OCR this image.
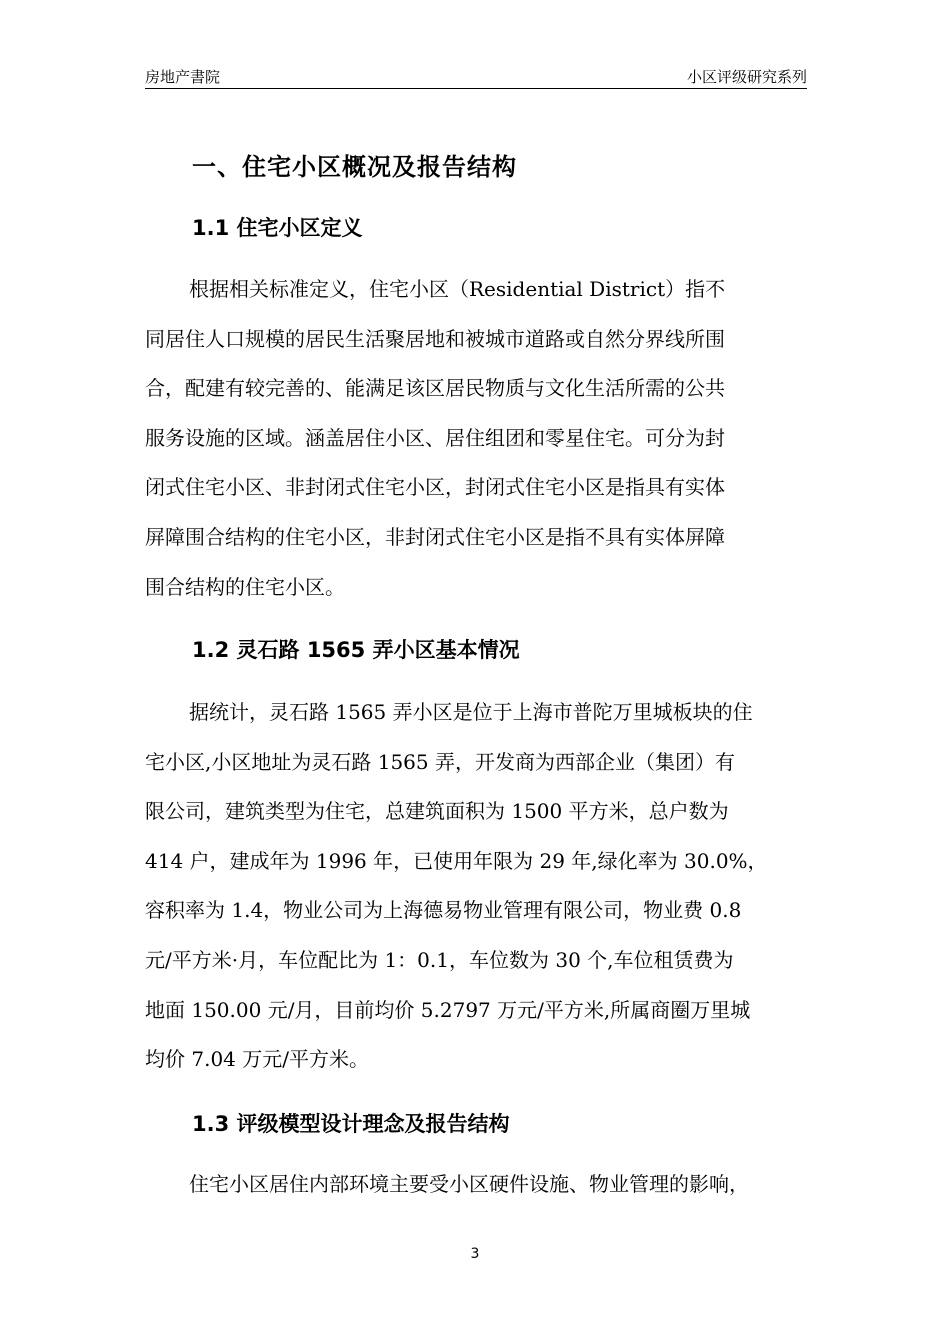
房地产書院	小区评级研究系列
一、住宅小区概况及报告结构
1.1 住宅小区定义
根据相关标准定义，住宅小区（Residential District）指不
同居住人口规模的居民生活聚居地和被城市道路或自然分界线所围
合，配建有较完善的、能满足该区居民物质与文化生活所需的公共
服务设施的区域。涵盖居住小区、居住组团和零星住宅。可分为封
闭式住宅小区、非封闭式住宅小区，封闭式住宅小区是指具有实体
屏障围合结构的住宅小区，非封闭式住宅小区是指不具有实体屏障
围合结构的住宅小区。
1.2 灵石路 1565 弄小区基本情况
据统计，灵石路 1565 弄小区是位于上海市普陀万里城板块的住
宅小区,小区地址为灵石路 1565 弄，开发商为西部企业（集团）有
限公司，建筑类型为住宅，总建筑面积为 1500 平方米，总户数为
414 户，建成年为 1996 年，已使用年限为 29 年,绿化率为 30.0%，
容积率为 1.4，物业公司为上海德易物业管理有限公司，物业费 0.8
元/平方米·月，车位配比为 1：0.1，车位数为 30 个,车位租赁费为
地面 150.00 元/月，目前均价 5.2797 万元/平方米,所属商圈万里城
均价 7.04 万元/平方米。
1.3 评级模型设计理念及报告结构
住宅小区居住内部环境主要受小区硬件设施、物业管理的影响，
3
